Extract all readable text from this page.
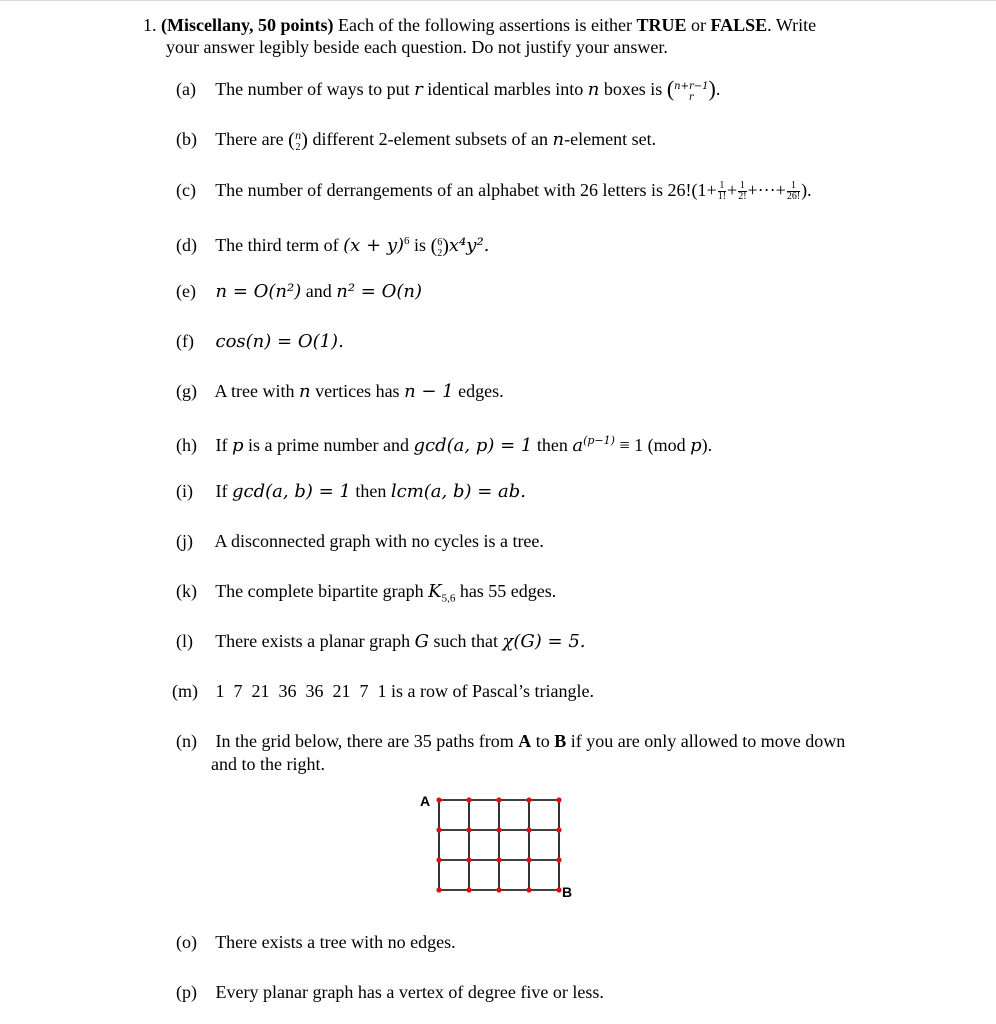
1. (Miscellany, 50 points) Each of the following assertions is either TRUE or FALSE. Write
your answer legibly beside each question. Do not justify your answer.
(a) The number of ways to put r identical marbles into n boxes is (n+r−1
r ).
(b) There are (n
2) different 2-element subsets of an n-element set.
(c) The number of derrangements of an alphabet with 26 letters is $26!(1+\frac{1}{1!} +\frac{1}{2!} +\cdot\cdot\cdot+\frac{1}{26!}$ ).
(d) The third term of $(x + y)^6$ is (6
2)x⁴y².
(e) n = O(n²) and n² = O(n)
(f) cos(n) = O(1).
(g) A tree with n vertices has n − 1 edges.
(h) If p is a prime number and gcd(a, p) = 1 then $a^{(p-1)} \equiv 1$ (mod p).
(i) If gcd(a, b) = 1 then lcm(a, b) = ab.
(j) A disconnected graph with no cycles is a tree.
(k) The complete bipartite graph $K_{5,6}$ has 55 edges.
(l) There exists a planar graph G such that χ(G) = 5.
(m) 1  7  21  36  36  21  7  1 is a row of Pascal’s triangle.
(n) In the grid below, there are 35 paths from A to B if you are only allowed to move down
and to the right.
A
B
(o) There exists a tree with no edges.
(p) Every planar graph has a vertex of degree five or less.
